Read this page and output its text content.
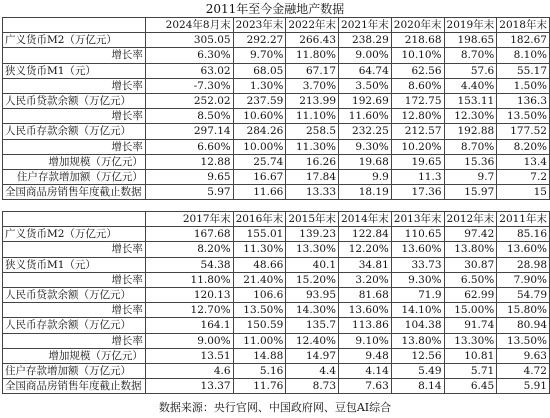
2011年至今金融地产数据
	2024年8月末	2023年末	2022年末	2021年末	2020年末	2019年末	2018年末
广义货币M2（万亿元）	305.05	292.27	266.43	238.29	218.68	198.65	182.67
增长率	6.30%	9.70%	11.80%	9.00%	10.10%	8.70%	8.10%
狭义货币M1（元）	63.02	68.05	67.17	64.74	62.56	57.6	55.17
增长率	-7.30%	1.30%	3.70%	3.50%	8.60%	4.40%	1.50%
人民币贷款余额（万亿元）	252.02	237.59	213.99	192.69	172.75	153.11	136.3
增长率	8.50%	10.60%	11.10%	11.60%	12.80%	12.30%	13.50%
人民币存款余额（万亿元）	297.14	284.26	258.5	232.25	212.57	192.88	177.52
增长率	6.60%	10.00%	11.30%	9.30%	10.20%	8.70%	8.20%
增加规模（万亿元）	12.88	25.74	16.26	19.68	19.65	15.36	13.4
住户存款增加额（万亿元）	9.65	16.67	17.84	9.9	11.3	9.7	7.2
全国商品房销售年度截止数据	5.97	11.66	13.33	18.19	17.36	15.97	15
	2017年末	2016年末	2015年末	2014年末	2013年末	2012年末	2011年末
广义货币M2（万亿元）	167.68	155.01	139.23	122.84	110.65	97.42	85.16
增长率	8.20%	11.30%	13.30%	12.20%	13.60%	13.80%	13.60%
狭义货币M1（元）	54.38	48.66	40.1	34.81	33.73	30.87	28.98
增长率	11.80%	21.40%	15.20%	3.20%	9.30%	6.50%	7.90%
人民币贷款余额（万亿元）	120.13	106.6	93.95	81.68	71.9	62.99	54.79
增长率	12.70%	13.50%	14.30%	13.60%	14.10%	15.00%	15.80%
人民币存款余额（万亿元）	164.1	150.59	135.7	113.86	104.38	91.74	80.94
增长率	9.00%	11.00%	12.40%	9.10%	13.80%	13.30%	13.50%
增加规模（万亿元）	13.51	14.88	14.97	9.48	12.56	10.81	9.63
住户存款增加额（万亿元）	4.6	5.16	4.4	4.14	5.49	5.71	4.72
全国商品房销售年度截止数据	13.37	11.76	8.73	7.63	8.14	6.45	5.91
数据来源：央行官网、中国政府网、豆包AI综合
